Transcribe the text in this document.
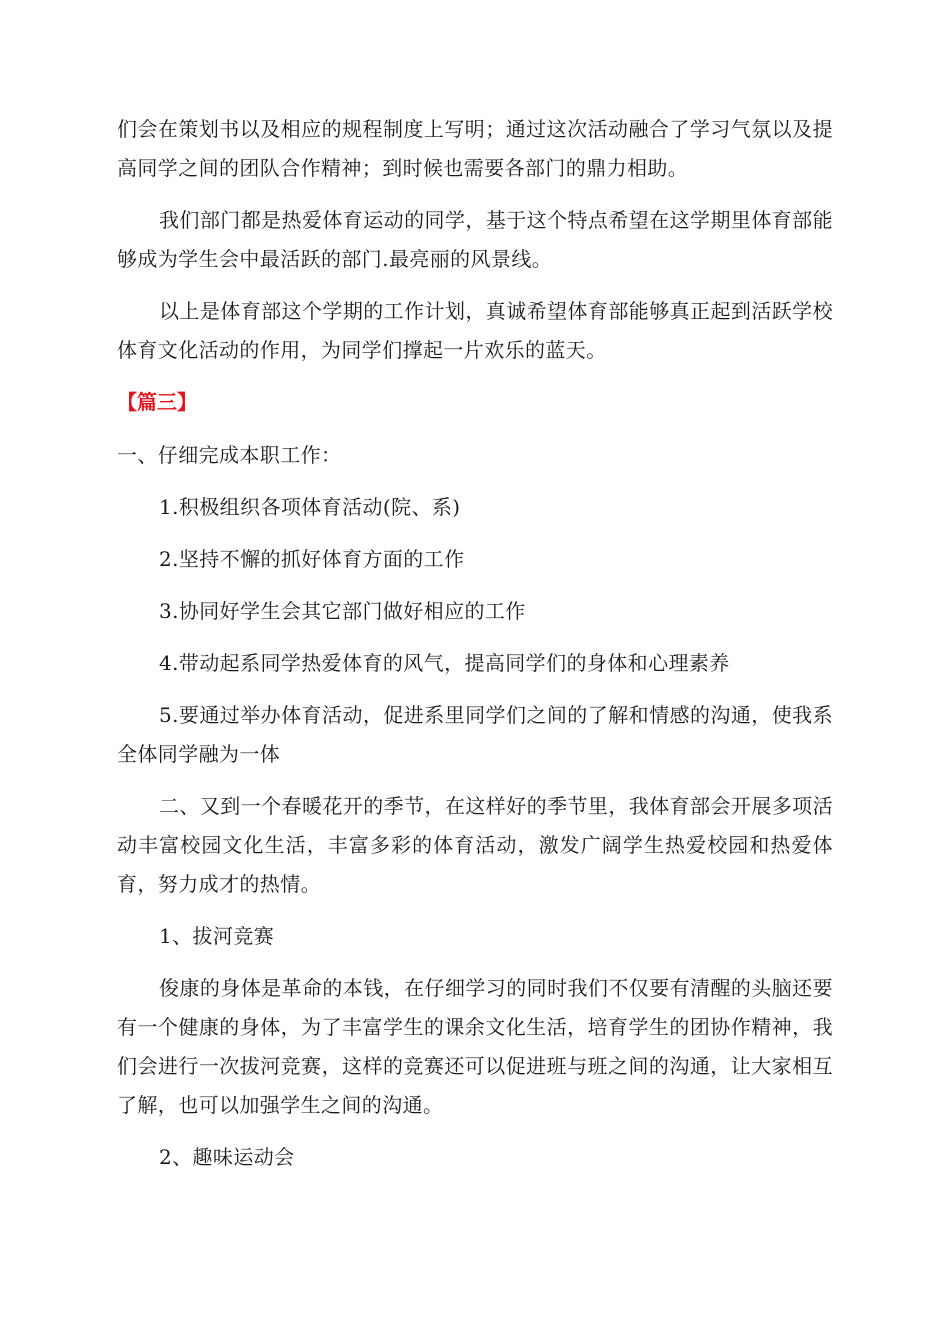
们会在策划书以及相应的规程制度上写明；通过这次活动融合了学习气氛以及提高同学之间的团队合作精神；到时候也需要各部门的鼎力相助。

我们部门都是热爱体育运动的同学，基于这个特点希望在这学期里体育部能够成为学生会中最活跃的部门.最亮丽的风景线。

以上是体育部这个学期的工作计划，真诚希望体育部能够真正起到活跃学校体育文化活动的作用，为同学们撑起一片欢乐的蓝天。

【篇三】

一、仔细完成本职工作：

1.积极组织各项体育活动(院、系)

2.坚持不懈的抓好体育方面的工作

3.协同好学生会其它部门做好相应的工作

4.带动起系同学热爱体育的风气，提高同学们的身体和心理素养

5.要通过举办体育活动，促进系里同学们之间的了解和情感的沟通，使我系全体同学融为一体

二、又到一个春暖花开的季节，在这样好的季节里，我体育部会开展多项活动丰富校园文化生活，丰富多彩的体育活动，激发广阔学生热爱校园和热爱体育，努力成才的热情。

1、拔河竞赛

俊康的身体是革命的本钱，在仔细学习的同时我们不仅要有清醒的头脑还要有一个健康的身体，为了丰富学生的课余文化生活，培育学生的团协作精神，我们会进行一次拔河竞赛，这样的竞赛还可以促进班与班之间的沟通，让大家相互了解，也可以加强学生之间的沟通。

2、趣味运动会
